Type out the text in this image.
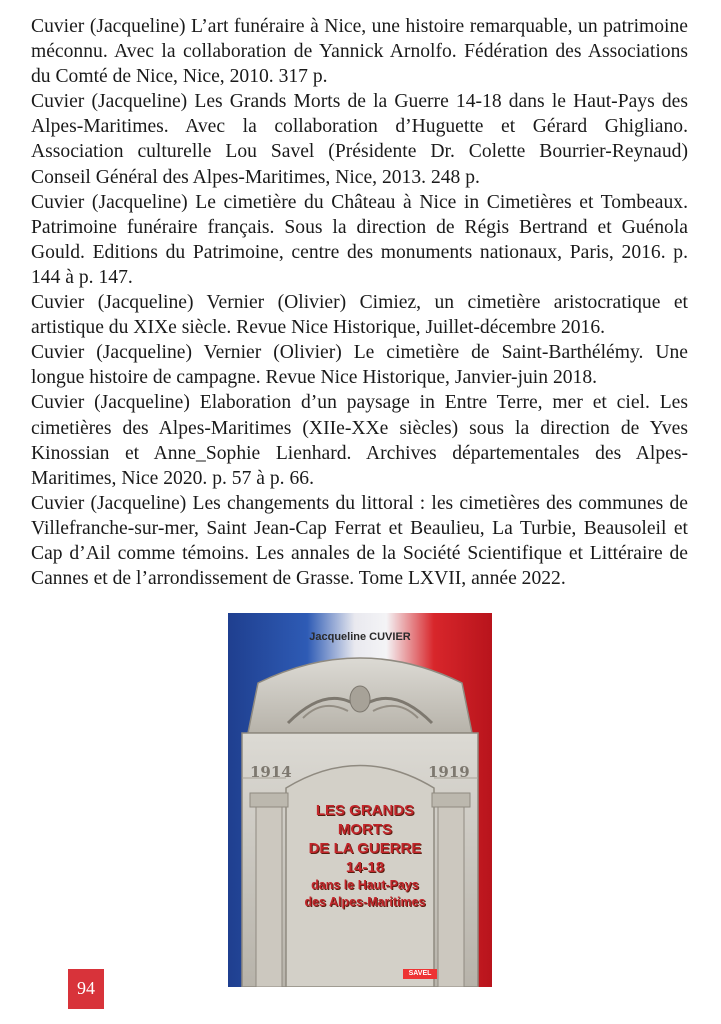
Cuvier (Jacqueline) L’art funéraire à Nice, une histoire remarquable, un patrimoine méconnu. Avec la collaboration de Yannick Arnolfo. Fédération des Associations du Comté de Nice, Nice, 2010. 317 p.

Cuvier (Jacqueline) Les Grands Morts de la Guerre 14-18 dans le Haut-Pays des Alpes-Maritimes. Avec la collaboration d’Huguette et Gérard Ghigliano. Association culturelle Lou Savel (Présidente Dr. Colette Bourrier-Reynaud) Conseil Général des Alpes-Maritimes, Nice, 2013. 248 p.

Cuvier (Jacqueline) Le cimetière du Château à Nice in Cimetières et Tombeaux. Patrimoine funéraire français. Sous la direction de Régis Bertrand et Guénola Gould. Editions du Patrimoine, centre des monuments nationaux, Paris, 2016. p. 144 à p. 147.

Cuvier (Jacqueline) Vernier (Olivier) Cimiez, un cimetière aristocratique et artistique du XIXe siècle. Revue Nice Historique, Juillet-décembre 2016.

Cuvier (Jacqueline) Vernier (Olivier) Le cimetière de Saint-Barthélémy. Une longue histoire de campagne. Revue Nice Historique, Janvier-juin 2018.

Cuvier (Jacqueline) Elaboration d’un paysage in Entre Terre, mer et ciel. Les cimetières des Alpes-Maritimes (XIIe-XXe siècles) sous la direction de Yves Kinossian et Anne_Sophie Lienhard. Archives départementales des Alpes-Maritimes, Nice 2020. p. 57 à p. 66.

Cuvier (Jacqueline) Les changements du littoral : les cimetières des communes de Villefranche-sur-mer, Saint Jean-Cap Ferrat et Beaulieu, La Turbie, Beausoleil et Cap d’Ail comme témoins. Les annales de la Société Scientifique et Littéraire de Cannes et de l’arrondissement de Grasse. Tome LXVII, année 2022.

Jacqueline CUVIER
1914	1919
LES GRANDS
MORTS
DE LA GUERRE
14-18
dans le Haut-Pays
des Alpes-Maritimes
SAVEL
94
